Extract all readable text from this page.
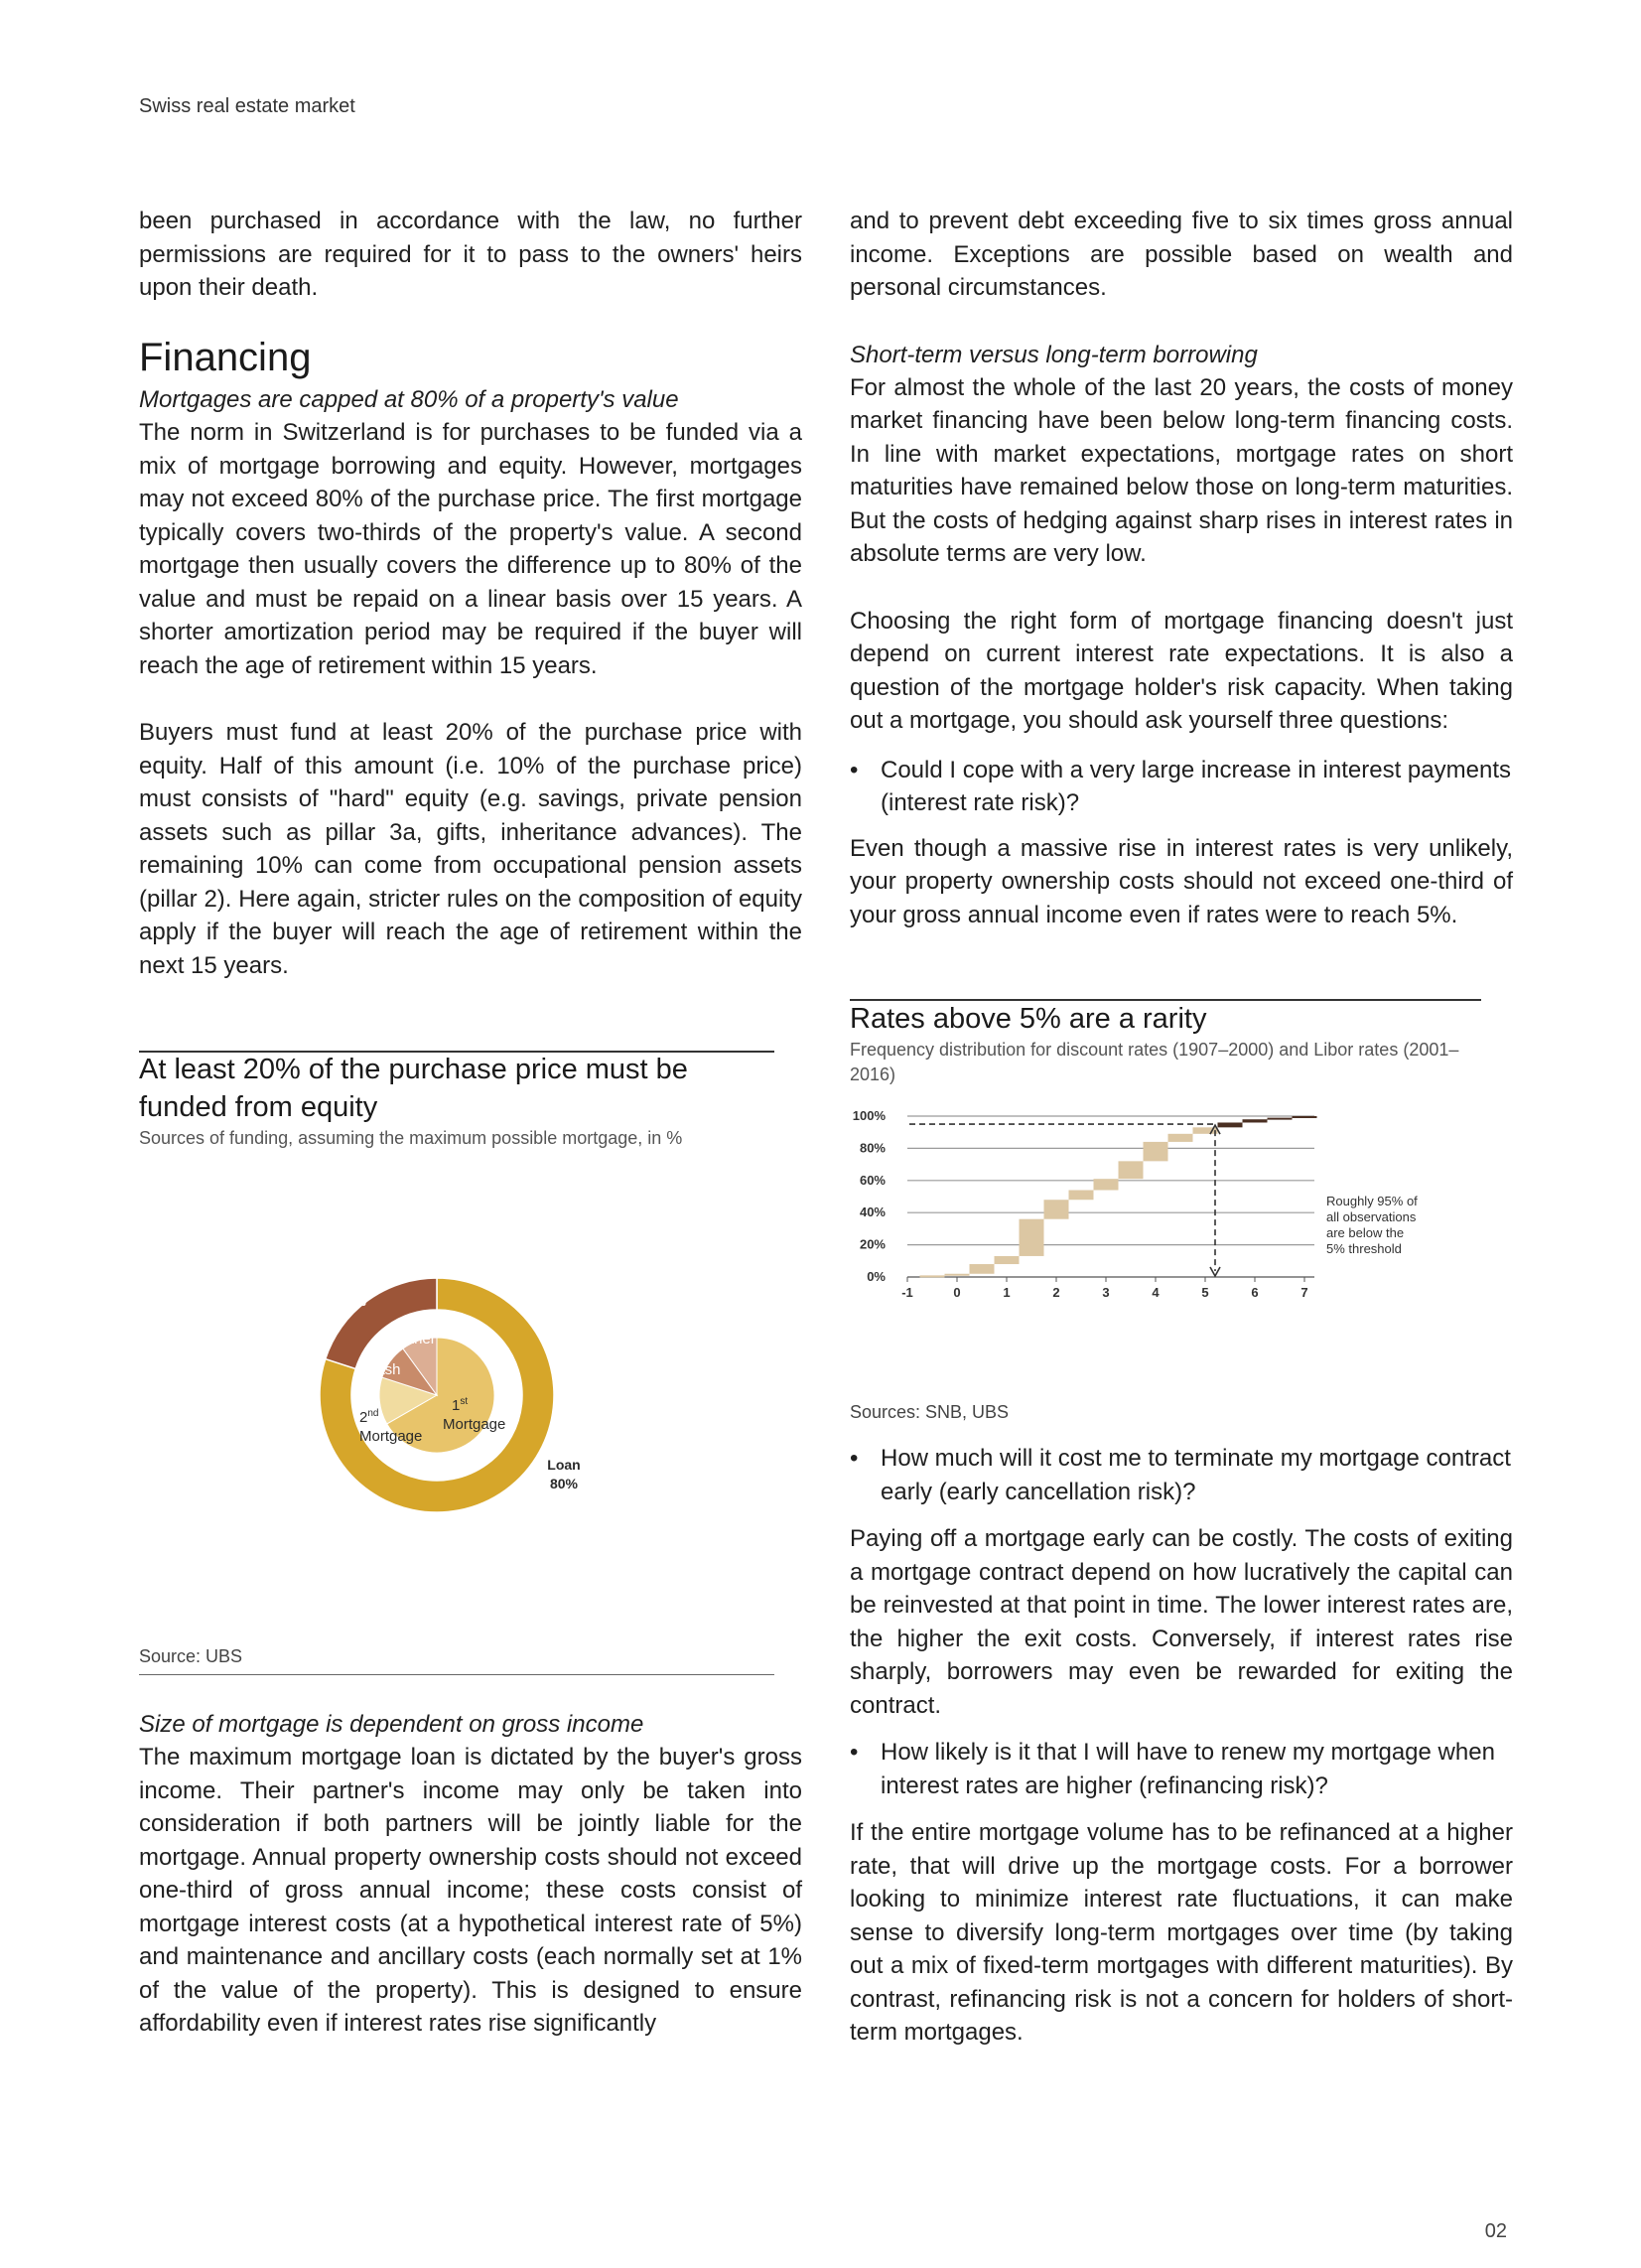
Swiss real estate market

been purchased in accordance with the law, no further permissions are required for it to pass to the owners' heirs upon their death.

Financing

Mortgages are capped at 80% of a property's value

The norm in Switzerland is for purchases to be funded via a mix of mortgage borrowing and equity. However, mortgages may not exceed 80% of the purchase price. The first mortgage typically covers two-thirds of the property's value. A second mortgage then usually covers the difference up to 80% of the value and must be repaid on a linear basis over 15 years. A shorter amortization period may be required if the buyer will reach the age of retirement within 15 years.

Buyers must fund at least 20% of the purchase price with equity. Half of this amount (i.e. 10% of the purchase price) must consists of "hard" equity (e.g. savings, private pension assets such as pillar 3a, gifts, inheritance advances). The remaining 10% can come from occupational pension assets (pillar 2). Here again, stricter rules on the composition of equity apply if the buyer will reach the age of retirement within the next 15 years.

At least 20% of the purchase price must be funded from equity
Sources of funding, assuming the maximum possible mortgage, in %
Equity
20%
Loan
80%
Other
Cash
1st
Mortgage
2nd
Mortgage
Source: UBS

Size of mortgage is dependent on gross income

The maximum mortgage loan is dictated by the buyer's gross income. Their partner's income may only be taken into consideration if both partners will be jointly liable for the mortgage. Annual property ownership costs should not exceed one-third of gross annual income; these costs consist of mortgage interest costs (at a hypothetical interest rate of 5%) and maintenance and ancillary costs (each normally set at 1% of the value of the property). This is designed to ensure affordability even if interest rates rise significantly

and to prevent debt exceeding five to six times gross annual income. Exceptions are possible based on wealth and personal circumstances.

Short-term versus long-term borrowing

For almost the whole of the last 20 years, the costs of money market financing have been below long-term financing costs. In line with market expectations, mortgage rates on short maturities have remained below those on long-term maturities. But the costs of hedging against sharp rises in interest rates in absolute terms are very low.

Choosing the right form of mortgage financing doesn't just depend on current interest rate expectations. It is also a question of the mortgage holder's risk capacity. When taking out a mortgage, you should ask yourself three questions:

• Could I cope with a very large increase in interest payments (interest rate risk)?

Even though a massive rise in interest rates is very unlikely, your property ownership costs should not exceed one-third of your gross annual income even if rates were to reach 5%.

Rates above 5% are a rarity
Frequency distribution for discount rates (1907–2000) and Libor rates (2001–2016)
0%
20%
40%
60%
80%
100%
-1	0	1	2	3	4	5	6	7
Roughly 95% of
all observations
are below the
5% threshold
Sources: SNB, UBS
• How much will it cost me to terminate my mortgage contract early (early cancellation risk)?

Paying off a mortgage early can be costly. The costs of exiting a mortgage contract depend on how lucratively the capital can be reinvested at that point in time. The lower interest rates are, the higher the exit costs. Conversely, if interest rates rise sharply, borrowers may even be rewarded for exiting the contract.

• How likely is it that I will have to renew my mortgage when interest rates are higher (refinancing risk)?

If the entire mortgage volume has to be refinanced at a higher rate, that will drive up the mortgage costs. For a borrower looking to minimize interest rate fluctuations, it can make sense to diversify long-term mortgages over time (by taking out a mix of fixed-term mortgages with different maturities). By contrast, refinancing risk is not a concern for holders of short-term mortgages.

02
